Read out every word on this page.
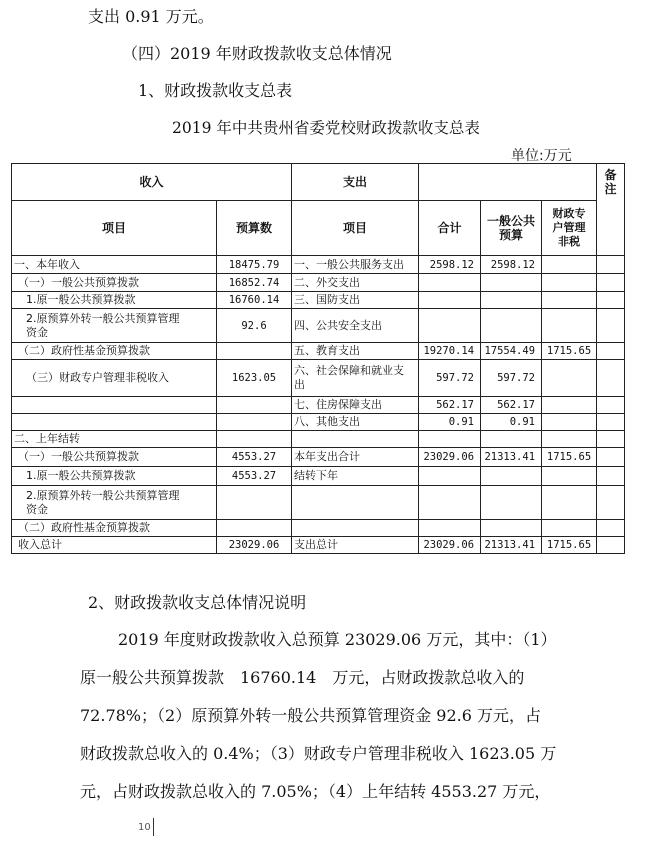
支出 0.91 万元。
（四）2019 年财政拨款收支总体情况
1、财政拨款收支总表
2019 年中共贵州省委党校财政拨款收支总表
单位:万元
收入		支出				备
注
项目	预算数	项目	合计	一般公共
预算	财政专
户管理
非税	
一、本年收入	18475.79	一、一般公共服务支出	2598.12	2598.12		
（一）一般公共预算拨款	16852.74	二、外交支出				
1.原一般公共预算拨款	16760.14	三、国防支出				
2.原预算外转一般公共预算管理
资金	92.6	四、公共安全支出				
（二）政府性基金预算拨款		五、教育支出	19270.14	17554.49	1715.65	
（三）财政专户管理非税收入	1623.05	六、社会保障和就业支
出	597.72	597.72		
		七、住房保障支出	562.17	562.17		
		八、其他支出	0.91	0.91		
二、上年结转						
（一）一般公共预算拨款	4553.27	本年支出合计	23029.06	21313.41	1715.65	
1.原一般公共预算拨款	4553.27	结转下年				
2.原预算外转一般公共预算管理
资金						
（二）政府性基金预算拨款						
收入总计	23029.06	支出总计	23029.06	21313.41	1715.65	
2、财政拨款收支总体情况说明
2019 年度财政拨款收入总预算 23029.06 万元，其中：（1）
原一般公共预算拨款　16760.14　万元，占财政拨款总收入的
72.78%；（2）原预算外转一般公共预算管理资金 92.6 万元，占
财政拨款总收入的 0.4%；（3）财政专户管理非税收入 1623.05 万
元，占财政拨款总收入的 7.05%；（4）上年结转 4553.27 万元，
10
